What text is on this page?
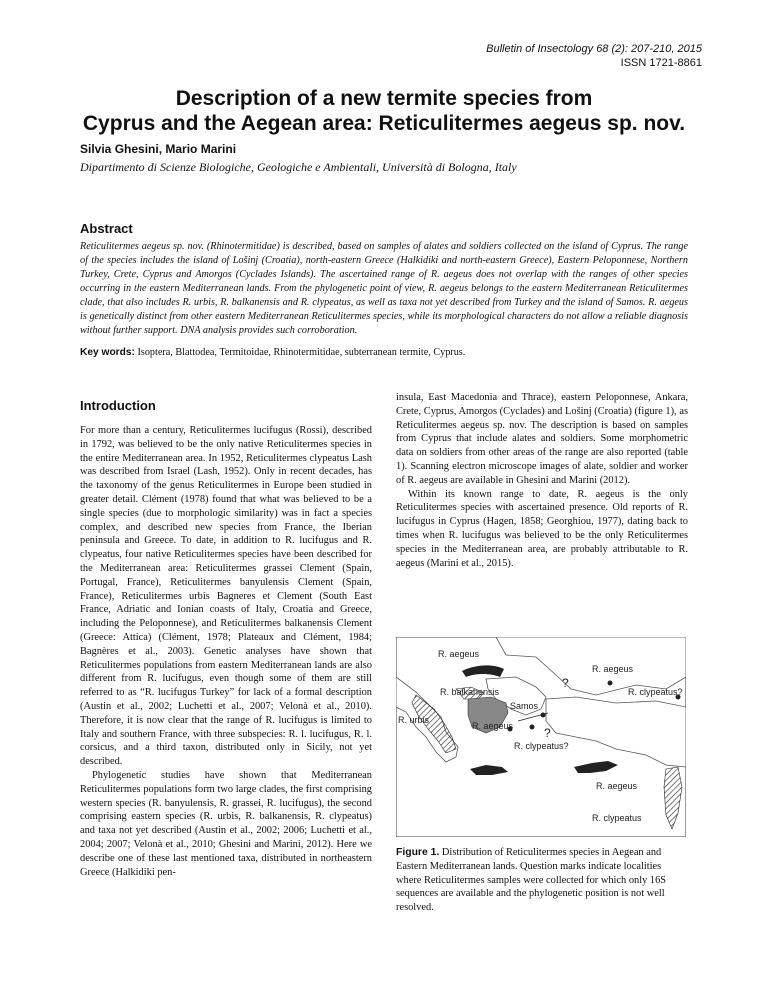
Bulletin of Insectology 68 (2): 207-210, 2015
ISSN 1721-8861
Description of a new termite species from
Cyprus and the Aegean area: Reticulitermes aegeus sp. nov.
Silvia Ghesini, Mario Marini
Dipartimento di Scienze Biologiche, Geologiche e Ambientali, Università di Bologna, Italy
Abstract

Reticulitermes aegeus sp. nov. (Rhinotermitidae) is described, based on samples of alates and soldiers collected on the island of Cyprus. The range of the species includes the island of Lošinj (Croatia), north-eastern Greece (Halkidiki and north-eastern Greece), Eastern Peloponnese, Northern Turkey, Crete, Cyprus and Amorgos (Cyclades Islands). The ascertained range of R. aegeus does not overlap with the ranges of other species occurring in the eastern Mediterranean lands. From the phylogenetic point of view, R. aegeus belongs to the eastern Mediterranean Reticulitermes clade, that also includes R. urbis, R. balkanensis and R. clypeatus, as well as taxa not yet described from Turkey and the island of Samos. R. aegeus is genetically distinct from other eastern Mediterranean Reticulitermes species, while its morphological characters do not allow a reliable diagnosis without further support. DNA analysis provides such corroboration.

Key words: Isoptera, Blattodea, Termitoidae, Rhinotermitidae, subterranean termite, Cyprus.
Introduction

For more than a century, Reticulitermes lucifugus (Rossi), described in 1792, was believed to be the only native Reticulitermes species in the entire Mediterranean area. In 1952, Reticulitermes clypeatus Lash was described from Israel (Lash, 1952). Only in recent decades, has the taxonomy of the genus Reticulitermes in Europe been studied in greater detail. Clément (1978) found that what was believed to be a single species (due to morphologic similarity) was in fact a species complex, and described new species from France, the Iberian peninsula and Greece. To date, in addition to R. lucifugus and R. clypeatus, four native Reticulitermes species have been described for the Mediterranean area: Reticulitermes grassei Clement (Spain, Portugal, France), Reticulitermes banyulensis Clement (Spain, France), Reticulitermes urbis Bagneres et Clement (South East France, Adriatic and Ionian coasts of Italy, Croatia and Greece, including the Peloponnese), and Reticulitermes balkanensis Clement (Greece: Attica) (Clément, 1978; Plateaux and Clément, 1984; Bagnères et al., 2003). Genetic analyses have shown that Reticulitermes populations from eastern Mediterranean lands are also different from R. lucifugus, even though some of them are still referred to as “R. lucifugus Turkey” for lack of a formal description (Austin et al., 2002; Luchetti et al., 2007; Velonà et al., 2010). Therefore, it is now clear that the range of R. lucifugus is limited to Italy and southern France, with three subspecies: R. l. lucifugus, R. l. corsicus, and a third taxon, distributed only in Sicily, not yet described.

Phylogenetic studies have shown that Mediterranean Reticulitermes populations form two large clades, the first comprising western species (R. banyulensis, R. grassei, R. lucifugus), the second comprising eastern species (R. urbis, R. balkanensis, R. clypeatus) and taxa not yet described (Austin et al., 2002; 2006; Luchetti et al., 2004; 2007; Velonà et al., 2010; Ghesini and Marini, 2012). Here we describe one of these last mentioned taxa, distributed in northeastern Greece (Halkidiki pen-

insula, East Macedonia and Thrace), eastern Peloponnese, Ankara, Crete, Cyprus, Amorgos (Cyclades) and Lošinj (Croatia) (figure 1), as Reticulitermes aegeus sp. nov. The description is based on samples from Cyprus that include alates and soldiers. Some morphometric data on soldiers from other areas of the range are also reported (table 1). Scanning electron microscope images of alate, soldier and worker of R. aegeus are available in Ghesini and Marini (2012).

Within its known range to date, R. aegeus is the only Reticulitermes species with ascertained presence. Old reports of R. lucifugus in Cyprus (Hagen, 1858; Georghiou, 1977), dating back to times when R. lucifugus was believed to be the only Reticulitermes species in the Mediterranean area, are probably attributable to R. aegeus (Marini et al., 2015).

R. aegeus
R. aegeus
R. balkanensis	R. clypeatus?
R. urbis
Samos
R. aegeus
R. clypeatus?
R. aegeus
R. clypeatus
?
?
Figure 1. Distribution of Reticulitermes species in Aegean and Eastern Mediterranean lands. Question marks indicate localities where Reticulitermes samples were collected for which only 16S sequences are available and the phylogenetic position is not well resolved.
